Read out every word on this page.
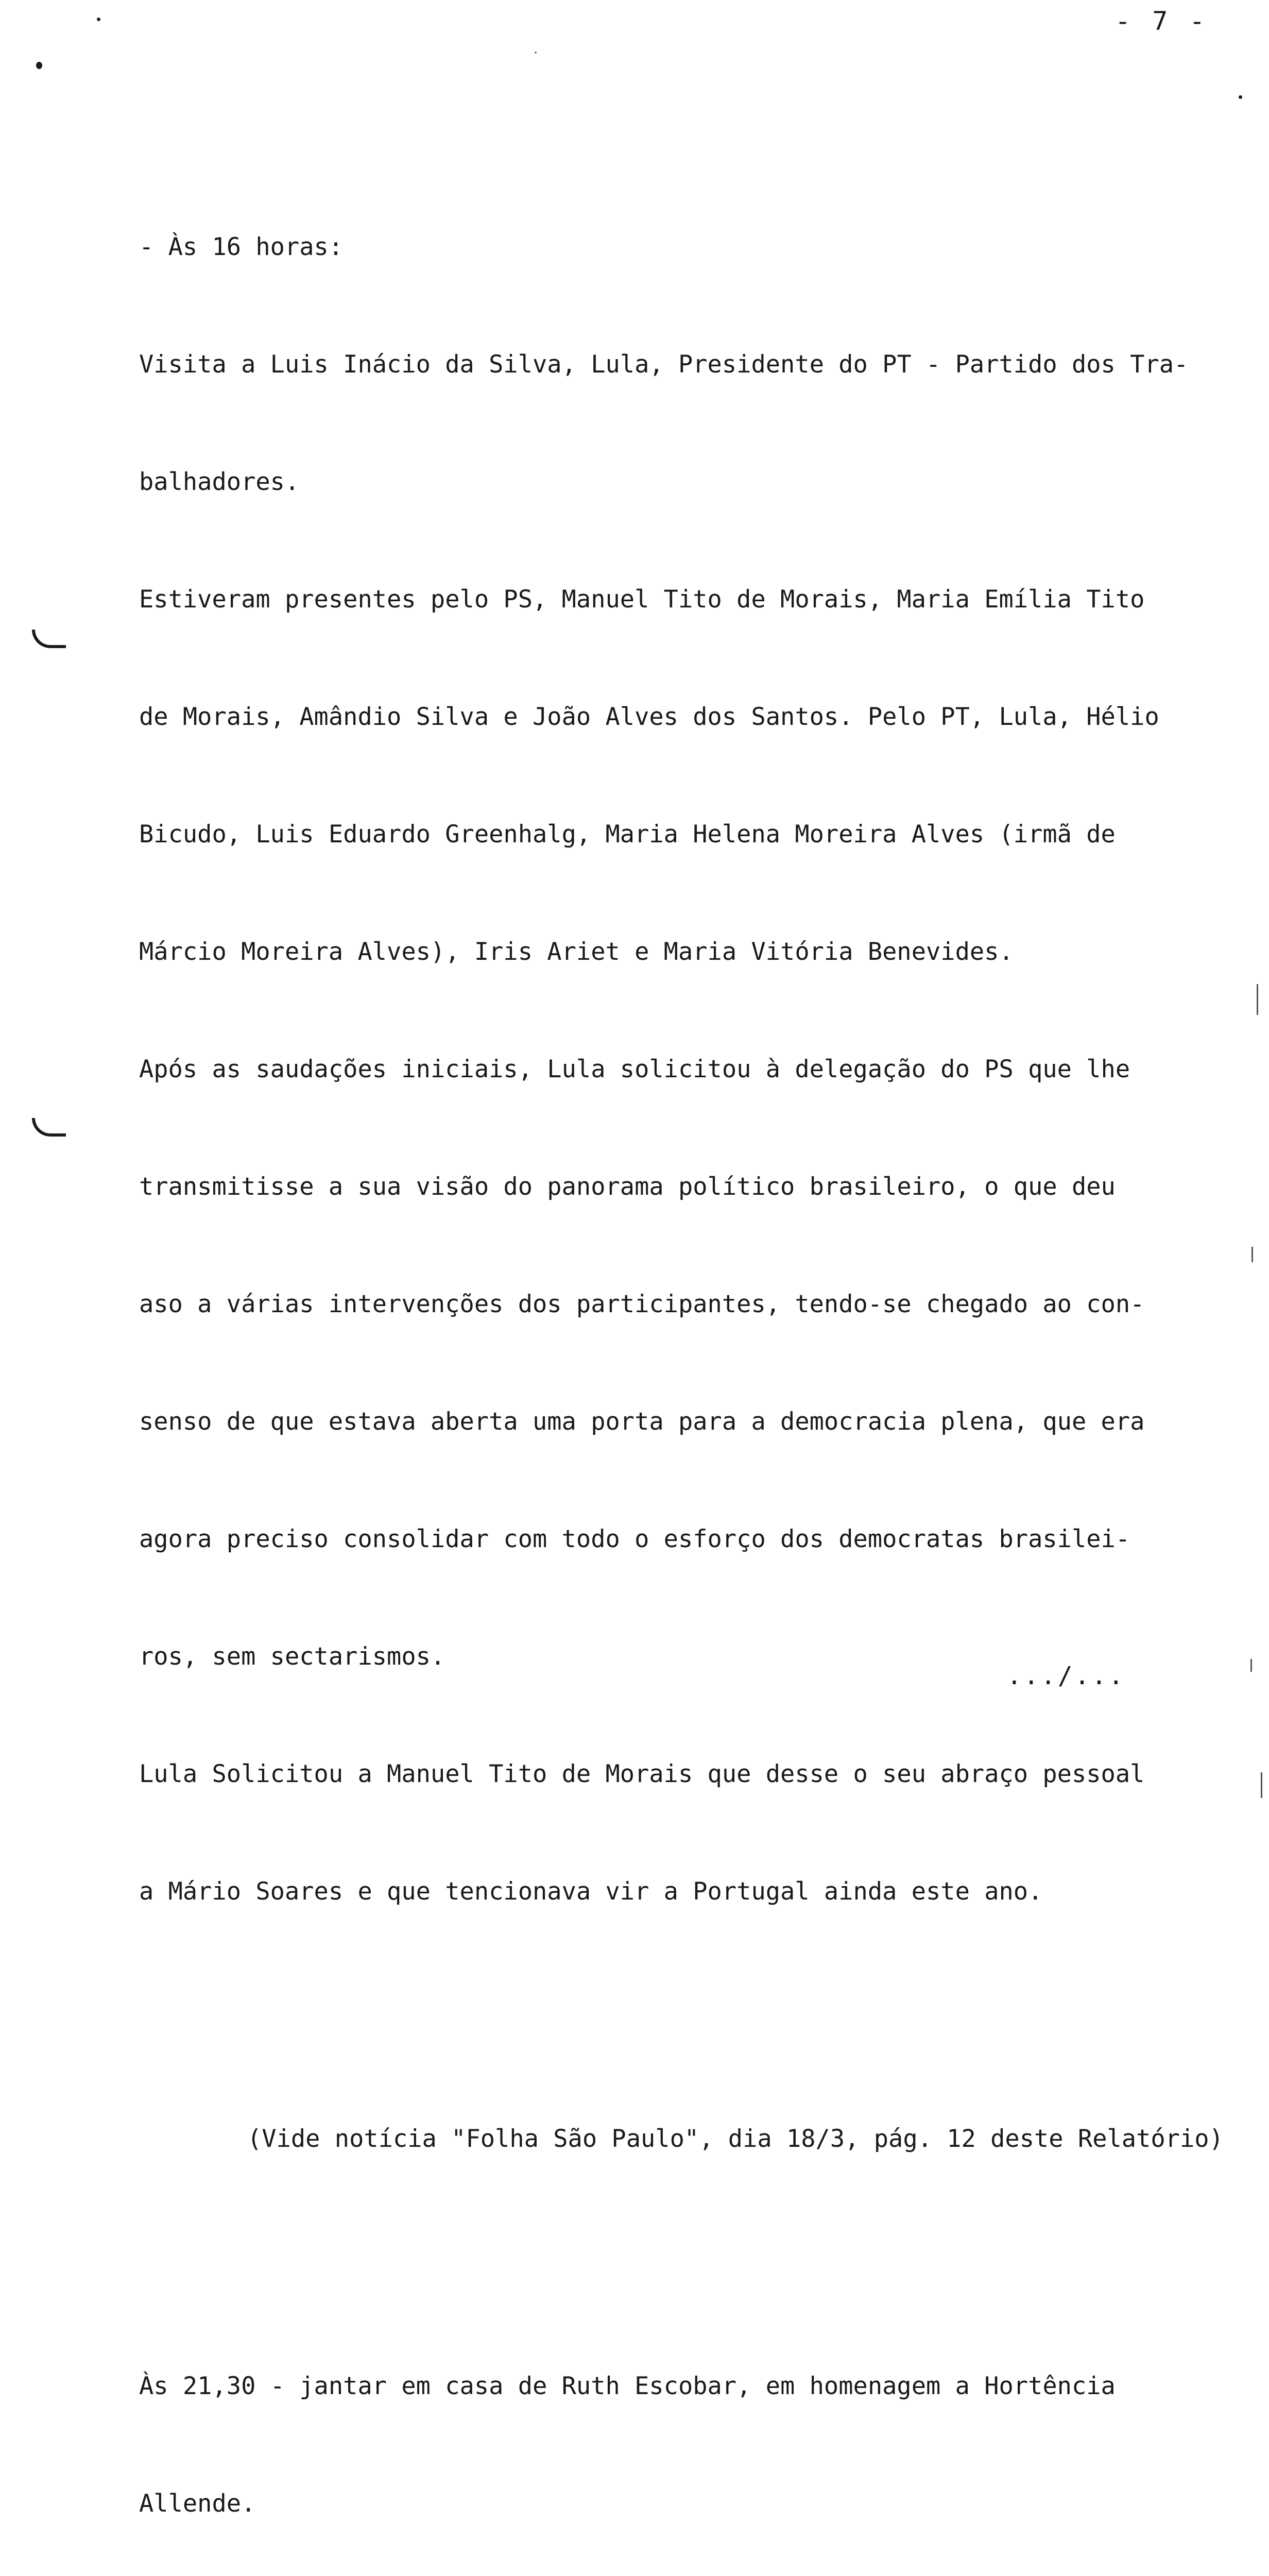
- 7 -

- Às 16 horas:

Visita a Luis Inácio da Silva, Lula, Presidente do PT - Partido dos Tra-

balhadores.

Estiveram presentes pelo PS, Manuel Tito de Morais, Maria Emília Tito

de Morais, Amândio Silva e João Alves dos Santos. Pelo PT, Lula, Hélio

Bicudo, Luis Eduardo Greenhalg, Maria Helena Moreira Alves (irmã de

Márcio Moreira Alves), Iris Ariet e Maria Vitória Benevides.

Após as saudações iniciais, Lula solicitou à delegação do PS que lhe

transmitisse a sua visão do panorama político brasileiro, o que deu

aso a várias intervenções dos participantes, tendo-se chegado ao con-

senso de que estava aberta uma porta para a democracia plena, que era

agora preciso consolidar com todo o esforço dos democratas brasilei-

ros, sem sectarismos.

Lula Solicitou a Manuel Tito de Morais que desse o seu abraço pessoal

a Mário Soares e que tencionava vir a Portugal ainda este ano.

(Vide notícia "Folha São Paulo", dia 18/3, pág. 12 deste Relatório)

Às 21,30 - jantar em casa de Ruth Escobar, em homenagem a Hortência

Allende.

.../...
